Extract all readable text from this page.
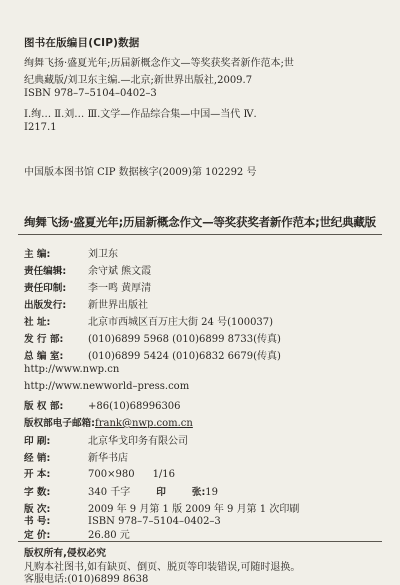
图书在版编目(CIP)数据
绚舞飞扬·盛夏光年;历届新概念作文—等奖获奖者新作范本;世
纪典藏版/刘卫东主编.—北京;新世界出版社,2009.7
ISBN 978–7–5104–0402–3
Ⅰ.绚… Ⅱ.刘… Ⅲ.文学—作品综合集—中国—当代 Ⅳ.
I217.1
中国版本图书馆 CIP 数据核字(2009)第 102292 号
绚舞飞扬·盛夏光年;历届新概念作文—等奖获奖者新作范本;世纪典藏版
主 编:	刘卫东
责任编辑: 余守斌 熊文霞
责任印制: 李一鸣 黄厚清
出版发行: 新世界出版社
社 址:	北京市西城区百万庄大街 24 号(100037)
发 行 部: (010)6899 5968 (010)6899 8733(传真)
总 编 室: (010)6899 5424 (010)6832 6679(传真)
http://www.nwp.cn
http://www.newworld–press.com
版 权 部: +86(10)68996306
版权部电子邮箱:frank@nwp.com.cn
印 刷:	北京华戈印务有限公司
经 销:	新华书店
开 本:	700×980 1/16
字 数:	340 千字	印	张:19
版 次:	2009 年 9 月第 1 版 2009 年 9 月第 1 次印刷
书 号:	ISBN 978–7–5104–0402–3
定 价:	26.80 元
版权所有,侵权必究
凡购本社图书,如有缺页、倒页、脱页等印装错误,可随时退换。
客服电话:(010)6899 8638
